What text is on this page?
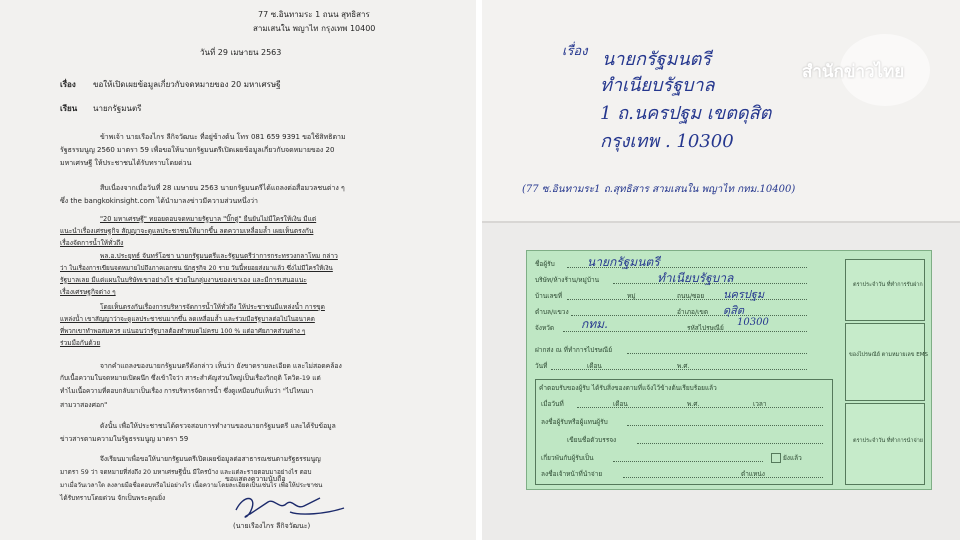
77 ซ.อินทามระ 1 ถนน สุทธิสาร
สามเสนใน พญาไท กรุงเทพ 10400
วันที่ 29 เมษายน 2563
เรื่อง ขอให้เปิดเผยข้อมูลเกี่ยวกับจดหมายของ 20 มหาเศรษฐี
เรียน นายกรัฐมนตรี
ข้าพเจ้า นายเรืองไกร ลีกิจวัฒนะ ที่อยู่ข้างต้น โทร 081 659 9391 ขอใช้สิทธิตาม
รัฐธรรมนูญ 2560 มาตรา 59 เพื่อขอให้นายกรัฐมนตรีเปิดเผยข้อมูลเกี่ยวกับจดหมายของ 20
มหาเศรษฐี ให้ประชาชนได้รับทราบโดยด่วน
สืบเนื่องจากเมื่อวันที่ 28 เมษายน 2563 นายกรัฐมนตรีได้แถลงต่อสื่อมวลชนต่าง ๆ
ซึ่ง the bangkokinsight.com ได้นำมาลงข่าวมีความส่วนหนึ่งว่า
"20 มหาเศรษฐี" ทยอยตอบจดหมายรัฐบาล "บิ๊กตู่" ยืนยันไม่มีใครให้เงิน มีแต่
แนะนำเรื่องเศรษฐกิจ สัญญาจะดูแลประชาชนให้มากขึ้น ลดความเหลื่อมล้ำ เผยเห็นตรงกัน
เรื่องจัดการน้ำให้ทั่วถึง
พล.อ.ประยุทธ์ จันทร์โอชา นายกรัฐมนตรีและรัฐมนตรีว่าการกระทรวงกลาโหม กล่าว
ว่า ในเรื่องการเขียนจดหมายไปถึงภาคเอกชน นักธุรกิจ 20 ราย วันนี้ทยอยส่งมาแล้ว ซึ่งไม่มีใครให้เงิน
รัฐบาลเลย มีแต่แผนในบริษัทเขาอย่างไร ช่วยในกลุ่มงานของเขาเอง และมีการเสนอแนะ
เรื่องเศรษฐกิจต่าง ๆ
โดยเห็นตรงกันเรื่องการบริหารจัดการน้ำให้ทั่วถึง ให้ประชาชนมีแหล่งน้ำ การขุด
แหล่งน้ำ เขาสัญญาว่าจะดูแลประชาชนมากขึ้น ลดเหลื่อมล้ำ และร่วมมือรัฐบาลต่อไปในอนาคต
ที่พวกเขาทำพอสมควร แน่นอนว่ารัฐบาลต้องทำหมดไม่ครบ 100 % แต่อาศัยภาคส่วนต่าง ๆ
ร่วมมือกันด้วย
จากคำแถลงของนายกรัฐมนตรีดังกล่าว เห็นว่า ยังขาดรายละเอียด และไม่สอดคล้อง
กับเนื้อความในจดหมายเปิดผนึก ซึ่งเข้าใจว่า สาระสำคัญส่วนใหญ่เป็นเรื่องวิกฤติ โควิด-19 แต่
ทำไมเนื้อความที่ตอบกลับมาเป็นเรื่อง การบริหารจัดการน้ำ ซึ่งดูเหมือนกับเห็นว่า "ไปไหนมา
สามวาสองศอก"
ดังนั้น เพื่อให้ประชาชนได้ตรวจสอบการทำงานของนายกรัฐมนตรี และได้รับข้อมูล
ข่าวสารตามความในรัฐธรรมนูญ มาตรา 59
จึงเรียนมาเพื่อขอให้นายกรัฐมนตรีเปิดเผยข้อมูลต่อสาธารณชนตามรัฐธรรมนูญ
มาตรา 59 ว่า จดหมายที่ส่งถึง 20 มหาเศรษฐีนั้น มีใครบ้าง และแต่ละรายตอบมาอย่างไร ตอบ
มาเมื่อวันเวลาใด ลงลายมือชื่อตอบหรือไม่อย่างไร เนื้อความโดยละเอียดเป็นเช่นไร เพื่อให้ประชาชน
ได้รับทราบโดยด่วน จักเป็นพระคุณยิ่ง
ขอแสดงความนับถือ
(นายเรืองไกร ลีกิจวัฒนะ)
เรื่อง นายกรัฐมนตรี
ทำเนียบรัฐบาล
1 ถ.นครปฐม เขตดุสิต
กรุงเทพ . 10300
(77 ซ.อินทามระ1 ถ.สุทธิสาร สามเสนใน พญาไท กทม.10400)
สำนักข่าวไทย
ชื่อผู้รับ	นายกรัฐมนตรี
บริษัท/ห้างร้าน/หมู่บ้าน	ทำเนียบรัฐบาล
บ้านเลขที่	หมู่	ถนน/ซอย นครปฐม
ตำบล/แขวง	อำเภอ/เขต ดุสิต
จังหวัด	รหัสไปรษณีย์
กทม.	10300
ฝากส่ง ณ ที่ทำการไปรษณีย์
วันที่	เดือน	พ.ศ.
คำตอบรับของผู้รับ ได้รับสิ่งของตามที่แจ้งไว้ข้างต้นเรียบร้อยแล้ว
เมื่อวันที่	เดือน	พ.ศ.	เวลา
ลงชื่อผู้รับหรือผู้แทนผู้รับ
เขียนชื่อตัวบรรจง
เกี่ยวพันกับผู้รับเป็น	ยังแล้ว
ลงชื่อเจ้าหน้าที่นำจ่าย	ตำแหน่ง
ตราประจำวัน ที่ทำการรับฝาก
ของไปรษณีย์ ตามหมายเลข EMS
ตราประจำวัน ที่ทำการนำจ่าย
